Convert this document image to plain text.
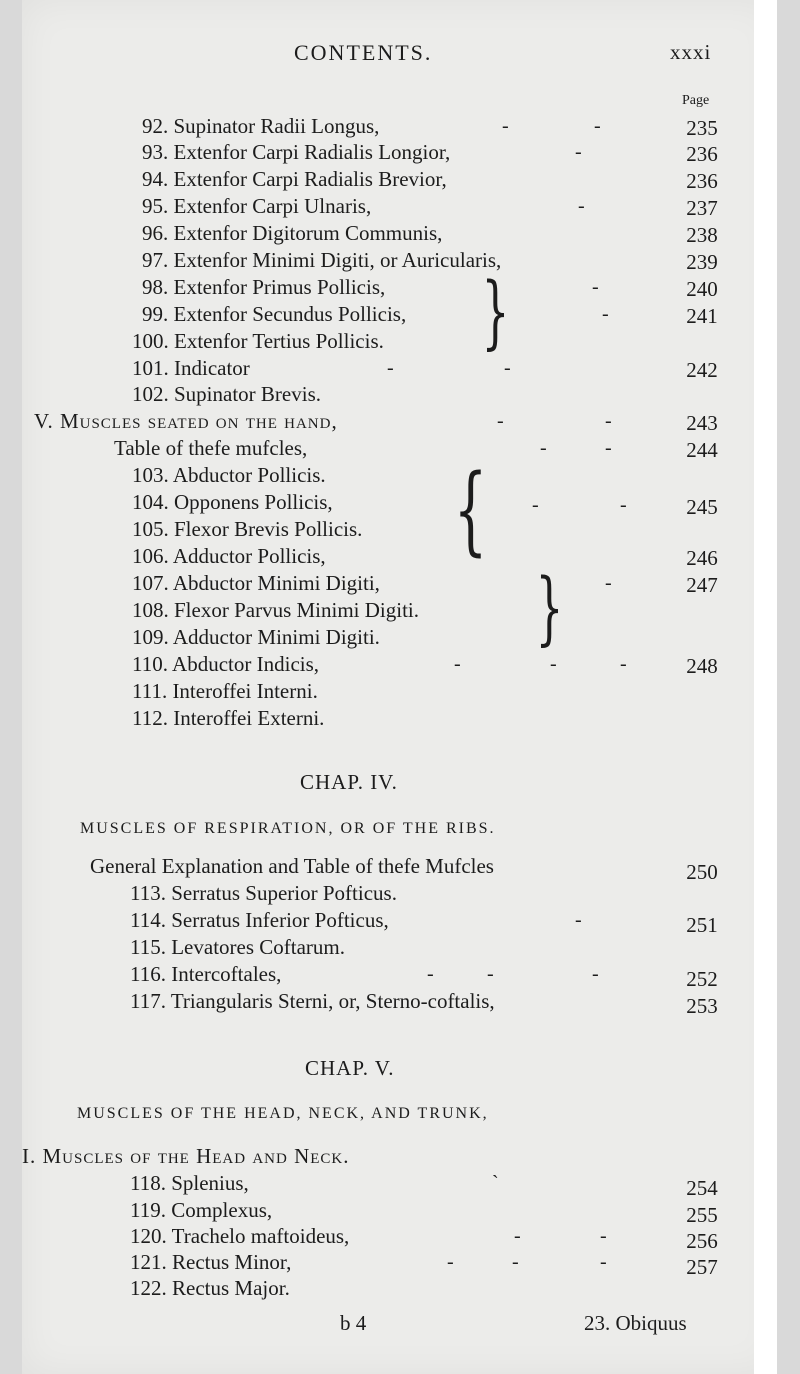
CONTENTS.	xxxi
Page
92. Supinator Radii Longus,	235
93. Extenfor Carpi Radialis Longior,	236
94. Extenfor Carpi Radialis Brevior,	236
95. Extenfor Carpi Ulnaris,	237
96. Extenfor Digitorum Communis,	238
97. Extenfor Minimi Digiti, or Auricularis,	239
98. Extenfor Primus Pollicis,	240
99. Extenfor Secundus Pollicis,	241
100. Extenfor Tertius Pollicis. }
101. Indicator	242
102. Supinator Brevis.
V. Muscles seated on the hand,	243
Table of thefe mufcles,	244
103. Abductor Pollicis.
104. Opponens Pollicis,	245
105. Flexor Brevis Pollicis.
106. Adductor Pollicis,	246
{
107. Abductor Minimi Digiti,	247
108. Flexor Parvus Minimi Digiti.
109. Adductor Minimi Digiti. }
110. Abductor Indicis,	248
111. Interoffei Interni.
112. Interoffei Externi.
-	-
-
-
-
-
-	-
-	-
-	-
-	-
-
-	-	-
CHAP. IV.
MUSCLES OF RESPIRATION, OR OF THE RIBS.
General Explanation and Table of thefe Mufcles	250
113. Serratus Superior Pofticus.
114. Serratus Inferior Pofticus,	251
115. Levatores Coftarum.
116. Intercoftales,	252
117. Triangularis Sterni, or, Sterno-coftalis,	253
-
-	-	-
CHAP. V.
MUSCLES OF THE HEAD, NECK, AND TRUNK,
I. Muscles of the Head and Neck.
118. Splenius,	254
119. Complexus,	255
120. Trachelo maftoideus,	256
121. Rectus Minor,	257
122. Rectus Major.
`
-
-
-	-	-
b 4	23. Obiquus
